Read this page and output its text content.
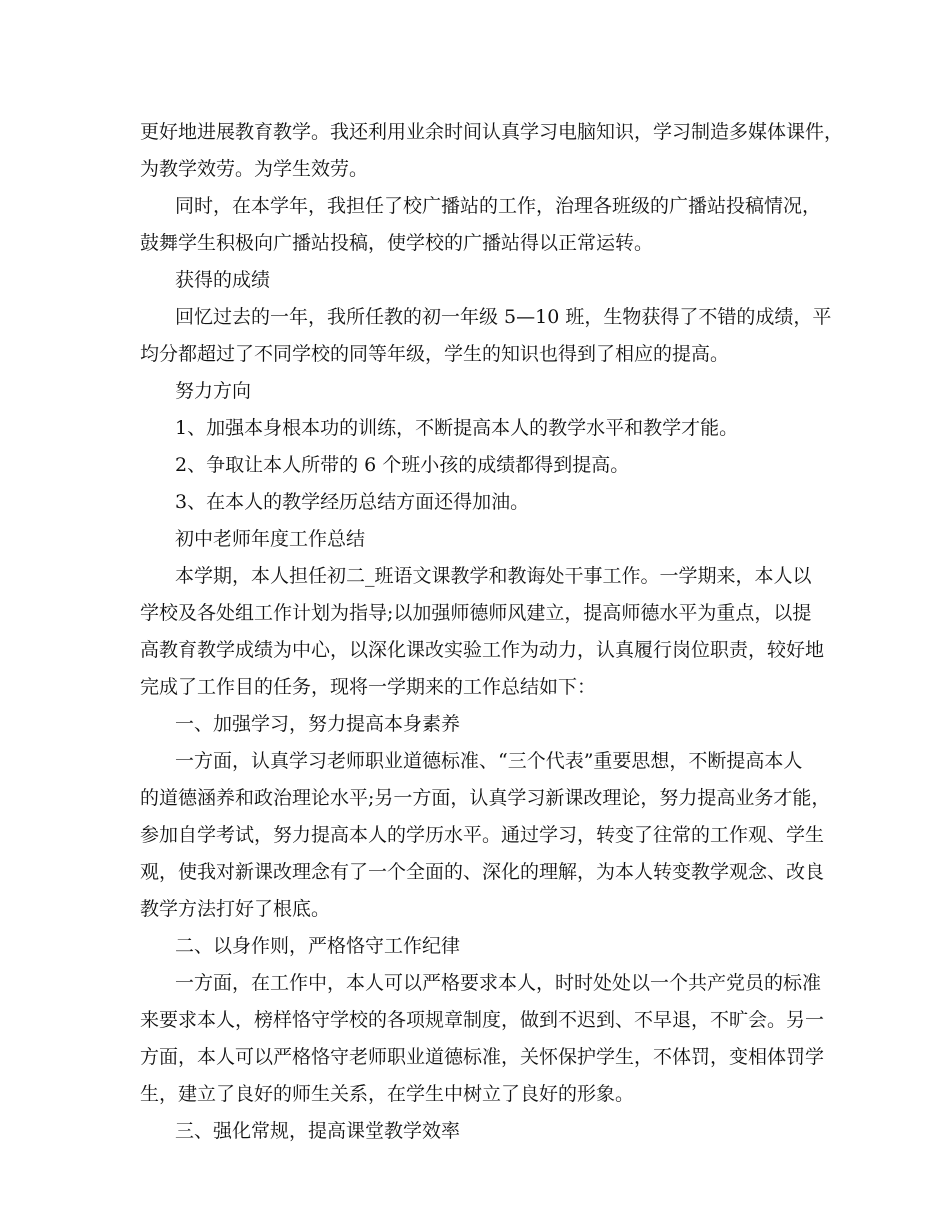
更好地进展教育教学。我还利用业余时间认真学习电脑知识，学习制造多媒体课件，
为教学效劳。为学生效劳。
同时，在本学年，我担任了校广播站的工作，治理各班级的广播站投稿情况，
鼓舞学生积极向广播站投稿，使学校的广播站得以正常运转。
获得的成绩
回忆过去的一年，我所任教的初一年级 5—10 班，生物获得了不错的成绩，平
均分都超过了不同学校的同等年级，学生的知识也得到了相应的提高。
努力方向
1、加强本身根本功的训练，不断提高本人的教学水平和教学才能。
2、争取让本人所带的 6 个班小孩的成绩都得到提高。
3、在本人的教学经历总结方面还得加油。
初中老师年度工作总结
本学期，本人担任初二_班语文课教学和教诲处干事工作。一学期来，本人以
学校及各处组工作计划为指导;以加强师德师风建立，提高师德水平为重点，以提
高教育教学成绩为中心，以深化课改实验工作为动力，认真履行岗位职责，较好地
完成了工作目的任务，现将一学期来的工作总结如下：
一、加强学习，努力提高本身素养
一方面，认真学习老师职业道德标准、“三个代表”重要思想，不断提高本人
的道德涵养和政治理论水平;另一方面，认真学习新课改理论，努力提高业务才能，
参加自学考试，努力提高本人的学历水平。通过学习，转变了往常的工作观、学生
观，使我对新课改理念有了一个全面的、深化的理解，为本人转变教学观念、改良
教学方法打好了根底。
二、以身作则，严格恪守工作纪律
一方面，在工作中，本人可以严格要求本人，时时处处以一个共产党员的标准
来要求本人，榜样恪守学校的各项规章制度，做到不迟到、不早退，不旷会。另一
方面，本人可以严格恪守老师职业道德标准，关怀保护学生，不体罚，变相体罚学
生，建立了良好的师生关系，在学生中树立了良好的形象。
三、强化常规，提高课堂教学效率
